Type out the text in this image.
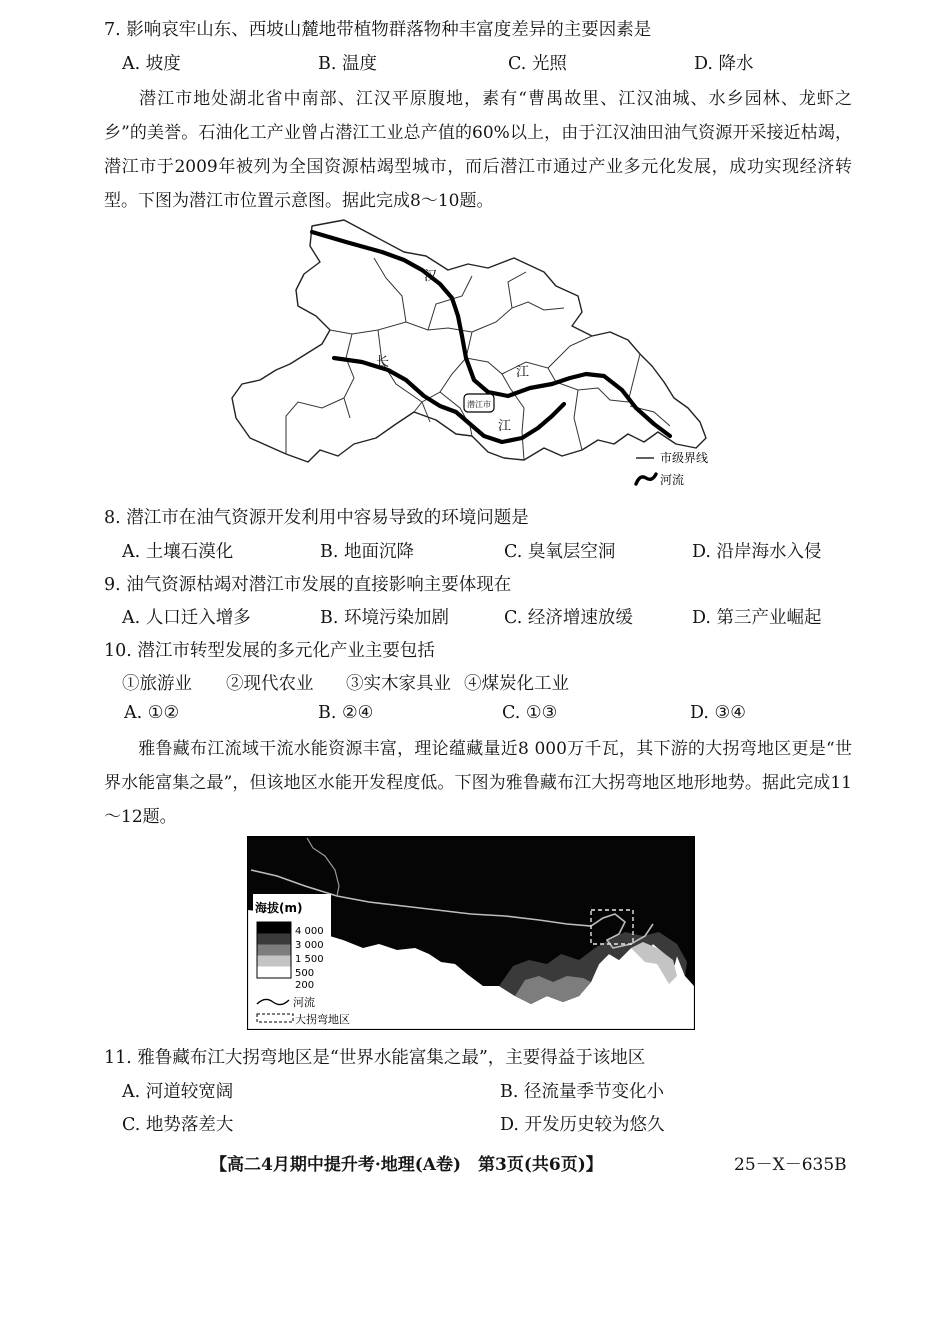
7. 影响哀牢山东、西坡山麓地带植物群落物种丰富度差异的主要因素是
A. 坡度	B. 温度	C. 光照	D. 降水
潜江市地处湖北省中南部、江汉平原腹地，素有“曹禺故里、江汉油城、水乡园林、龙虾之乡”的美誉。石油化工产业曾占潜江工业总产值的60%以上，由于江汉油田油气资源开采接近枯竭，潜江市于2009年被列为全国资源枯竭型城市，而后潜江市通过产业多元化发展，成功实现经济转型。下图为潜江市位置示意图。据此完成8～10题。
汉
江
长
江
潜江市
市级界线
河流
8. 潜江市在油气资源开发利用中容易导致的环境问题是
A. 土壤石漠化	B. 地面沉降	C. 臭氧层空洞	D. 沿岸海水入侵
9. 油气资源枯竭对潜江市发展的直接影响主要体现在
A. 人口迁入增多	B. 环境污染加剧	C. 经济增速放缓	D. 第三产业崛起
10. 潜江市转型发展的多元化产业主要包括
①旅游业 ②现代农业 ③实木家具业 ④煤炭化工业
A. ①②	B. ②④	C. ①③	D. ③④
雅鲁藏布江流域干流水能资源丰富，理论蕴藏量近8 000万千瓦，其下游的大拐弯地区更是“世界水能富集之最”，但该地区水能开发程度低。下图为雅鲁藏布江大拐弯地区地形地势。据此完成11～12题。
海拔(m)
4 000
3 000
1 500
500
200
河流
大拐弯地区
11. 雅鲁藏布江大拐弯地区是“世界水能富集之最”，主要得益于该地区
A. 河道较宽阔	B. 径流量季节变化小
C. 地势落差大	D. 开发历史较为悠久
【高二4月期中提升考·地理(A卷)　第3页(共6页)】	25－X－635B
